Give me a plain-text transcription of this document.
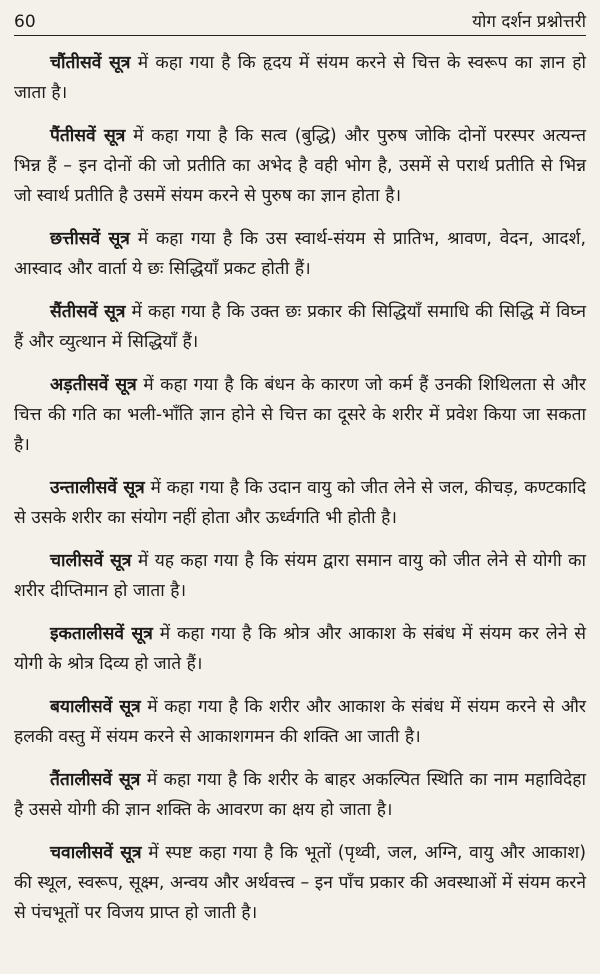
60	योग दर्शन प्रश्नोत्तरी

चौंतीसवें सूत्र में कहा गया है कि हृदय में संयम करने से चित्त के स्वरूप का ज्ञान हो जाता है।

पैंतीसवें सूत्र में कहा गया है कि सत्व (बुद्धि) और पुरुष जोकि दोनों परस्पर अत्यन्त भिन्न हैं – इन दोनों की जो प्रतीति का अभेद है वही भोग है, उसमें से परार्थ प्रतीति से भिन्न जो स्वार्थ प्रतीति है उसमें संयम करने से पुरुष का ज्ञान होता है।

छत्तीसवें सूत्र में कहा गया है कि उस स्वार्थ-संयम से प्रातिभ, श्रावण, वेदन, आदर्श, आस्वाद और वार्ता ये छः सिद्धियाँ प्रकट होती हैं।

सैंतीसवें सूत्र में कहा गया है कि उक्त छः प्रकार की सिद्धियाँ समाधि की सिद्धि में विघ्न हैं और व्युत्थान में सिद्धियाँ हैं।

अड़तीसवें सूत्र में कहा गया है कि बंधन के कारण जो कर्म हैं उनकी शिथिलता से और चित्त की गति का भली-भाँति ज्ञान होने से चित्त का दूसरे के शरीर में प्रवेश किया जा सकता है।

उन्तालीसवें सूत्र में कहा गया है कि उदान वायु को जीत लेने से जल, कीचड़, कण्टकादि से उसके शरीर का संयोग नहीं होता और ऊर्ध्वगति भी होती है।

चालीसवें सूत्र में यह कहा गया है कि संयम द्वारा समान वायु को जीत लेने से योगी का शरीर दीप्तिमान हो जाता है।

इकतालीसवें सूत्र में कहा गया है कि श्रोत्र और आकाश के संबंध में संयम कर लेने से योगी के श्रोत्र दिव्य हो जाते हैं।

बयालीसवें सूत्र में कहा गया है कि शरीर और आकाश के संबंध में संयम करने से और हलकी वस्तु में संयम करने से आकाशगमन की शक्ति आ जाती है।

तैंतालीसवें सूत्र में कहा गया है कि शरीर के बाहर अकल्पित स्थिति का नाम महाविदेहा है उससे योगी की ज्ञान शक्ति के आवरण का क्षय हो जाता है।

चवालीसवें सूत्र में स्पष्ट कहा गया है कि भूतों (पृथ्वी, जल, अग्नि, वायु और आकाश) की स्थूल, स्वरूप, सूक्ष्म, अन्वय और अर्थवत्त्व – इन पाँच प्रकार की अवस्थाओं में संयम करने से पंचभूतों पर विजय प्राप्त हो जाती है।
